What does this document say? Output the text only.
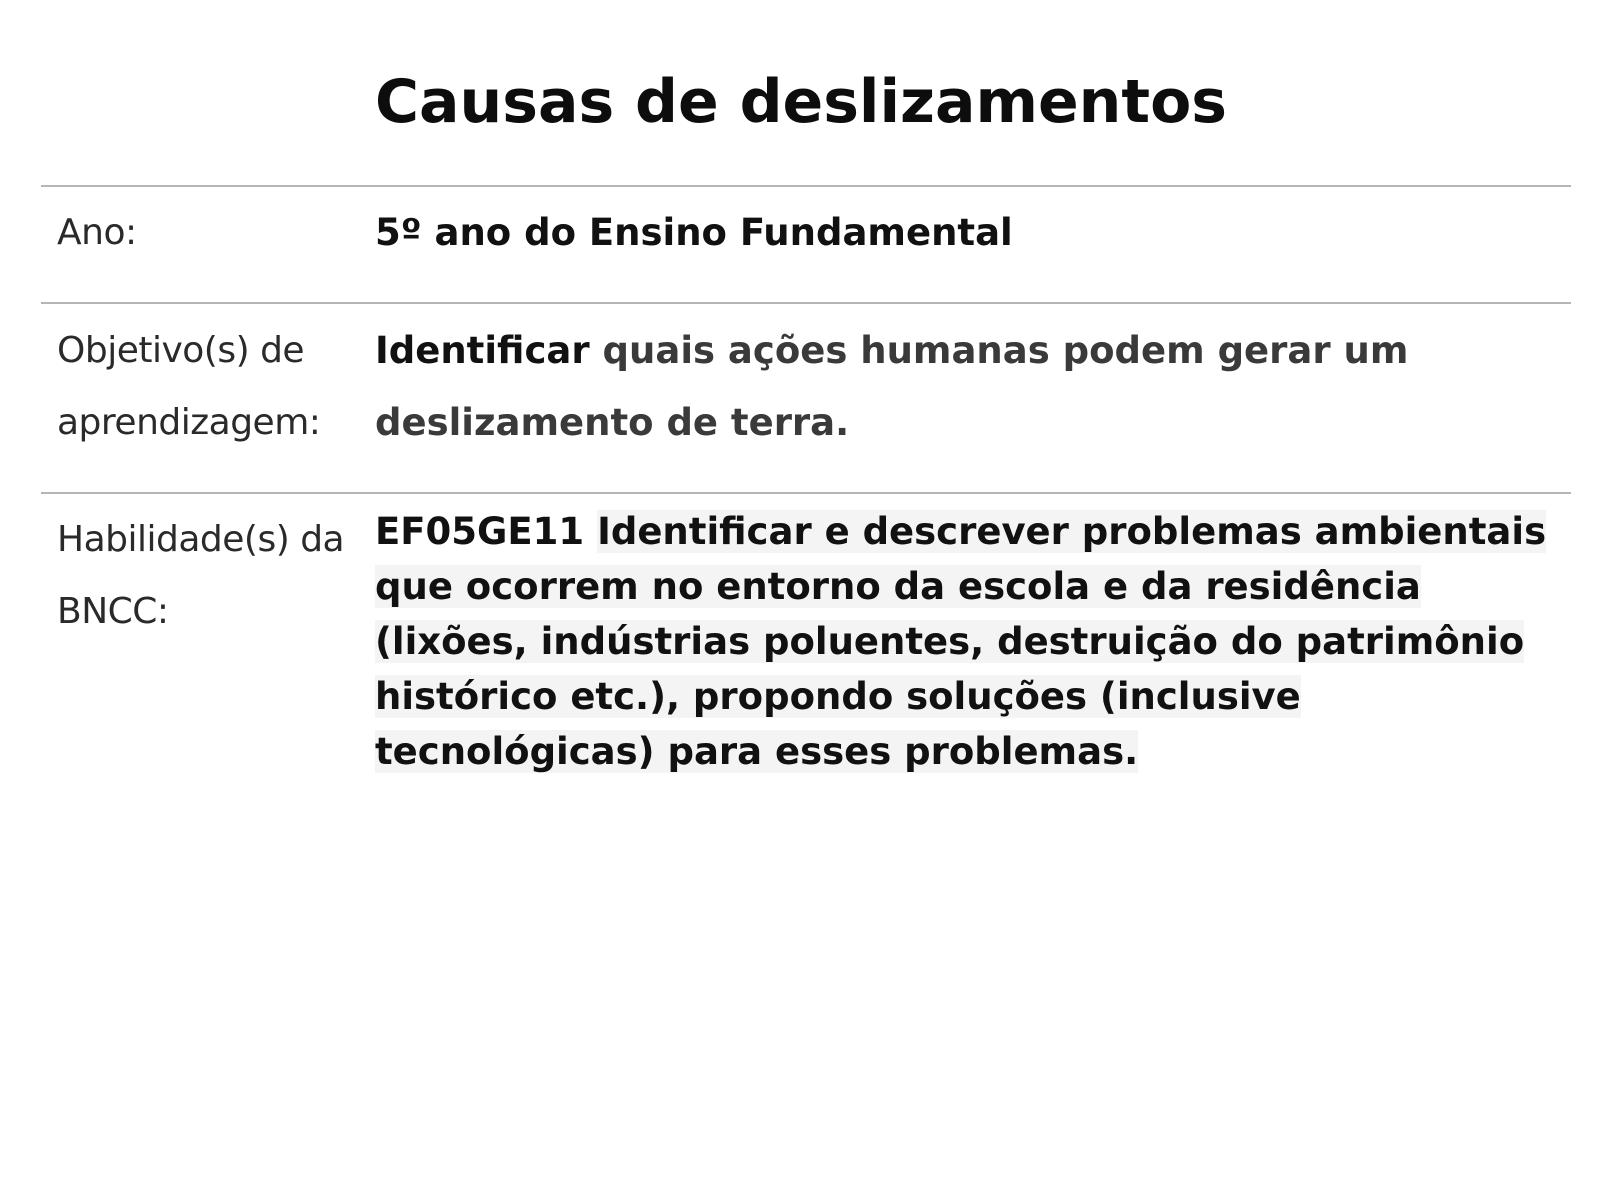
Causas de deslizamentos
Ano:	5º ano do Ensino Fundamental
Objetivo(s) de aprendizagem:
Identificar quais ações humanas podem gerar um deslizamento de terra.
Habilidade(s) da BNCC:
EF05GE11 Identificar e descrever problemas ambientais que ocorrem no entorno da escola e da residência (lixões, indústrias poluentes, destruição do patrimônio histórico etc.), propondo soluções (inclusive tecnológicas) para esses problemas.
